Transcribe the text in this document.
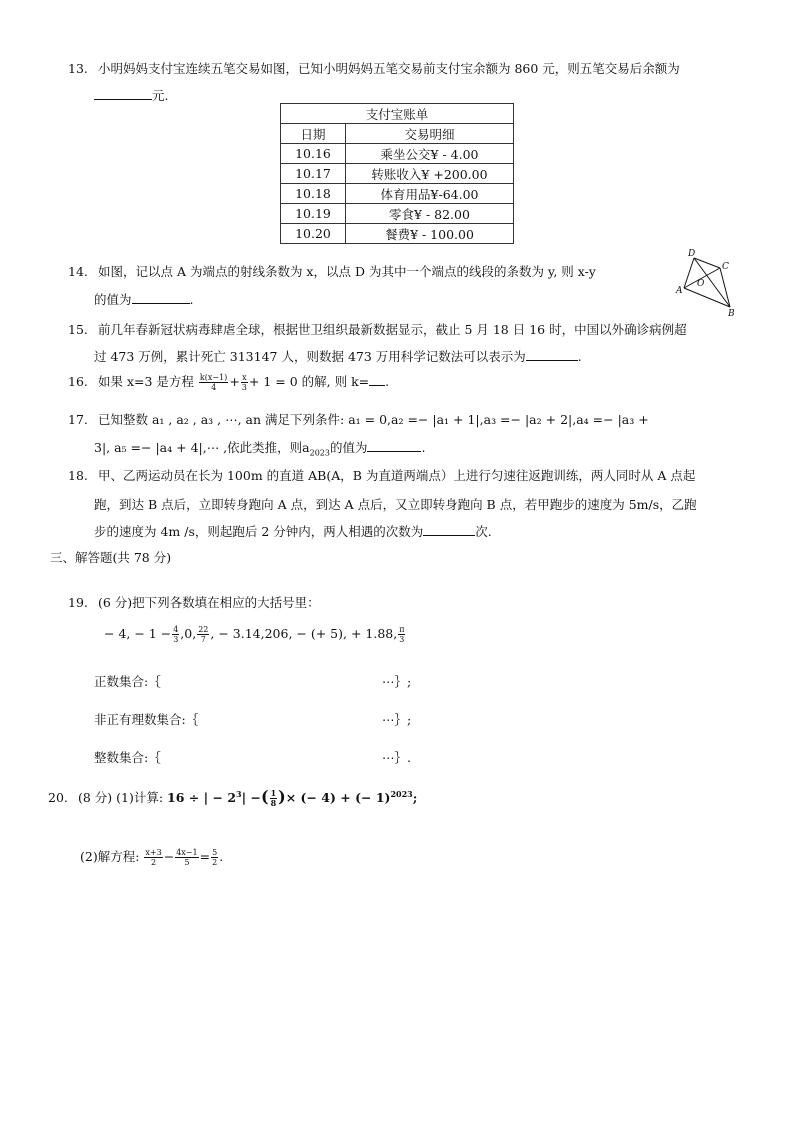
13. 小明妈妈支付宝连续五笔交易如图，已知小明妈妈五笔交易前支付宝余额为 860 元，则五笔交易后余额为
元.
支付宝账单	
日期	交易明细
10.16	乘坐公交¥ - 4.00
10.17	转账收入¥ +200.00
10.18	体育用品¥-64.00
10.19	零食¥ - 82.00
10.20	餐费¥ - 100.00
14. 如图，记以点 A 为端点的射线条数为 x，以点 D 为其中一个端点的线段的条数为 y, 则 x-y
的值为	.
D
C
A
B
O
15. 前几年春新冠状病毒肆虐全球，根据世卫组织最新数据显示，截止 5 月 18 日 16 时，中国以外确诊病例超
过 473 万例，累计死亡 313147 人，则数据 473 万用科学记数法可以表示为	.
16. 如果 x=3 是方程 $\frac{k(x-1)}{4} + \frac{x}{3} + 1 = 0$ 的解, 则 k= .
17. 已知整数 a₁ , a₂ , a₃ , ⋯, an 满足下列条件: a₁ = 0,a₂ =− |a₁ + 1|,a₃ =− |a₂ + 2|,a₄ =− |a₃ +
3|, a₅ =− |a₄ + 4|,⋯ ,依此类推，则$a_{2023}$的值为	.
18. 甲、乙两运动员在长为 100m 的直道 AB(A，B 为直道两端点）上进行匀速往返跑训练，两人同时从 A 点起
跑，到达 B 点后，立即转身跑向 A 点，到达 A 点后，又立即转身跑向 B 点，若甲跑步的速度为 5m/s，乙跑
步的速度为 4m /s，则起跑后 2 分钟内，两人相遇的次数为	次.
三、解答题(共 78 分)
19. (6 分)把下列各数填在相应的大括号里：
− 4, − $1 - \frac{4}{3} ,0$, $\frac{22}{7}$ , − 3.14,206, − (+ 5), + 1.88, $\frac{\pi}{3}$
正数集合:｛	⋯｝;
非正有理数集合:｛	⋯｝;
整数集合:｛	⋯｝.
20. (8 分) (1)计算: 16 ÷ | − $2^3|$ −( $\frac{1}{8}$ )× (− 4) + (− 1)$^{2023}$;
(2)解方程: $\frac{x+3}{2} - \frac{4x-1}{5} = \frac{5}{2}$ .
